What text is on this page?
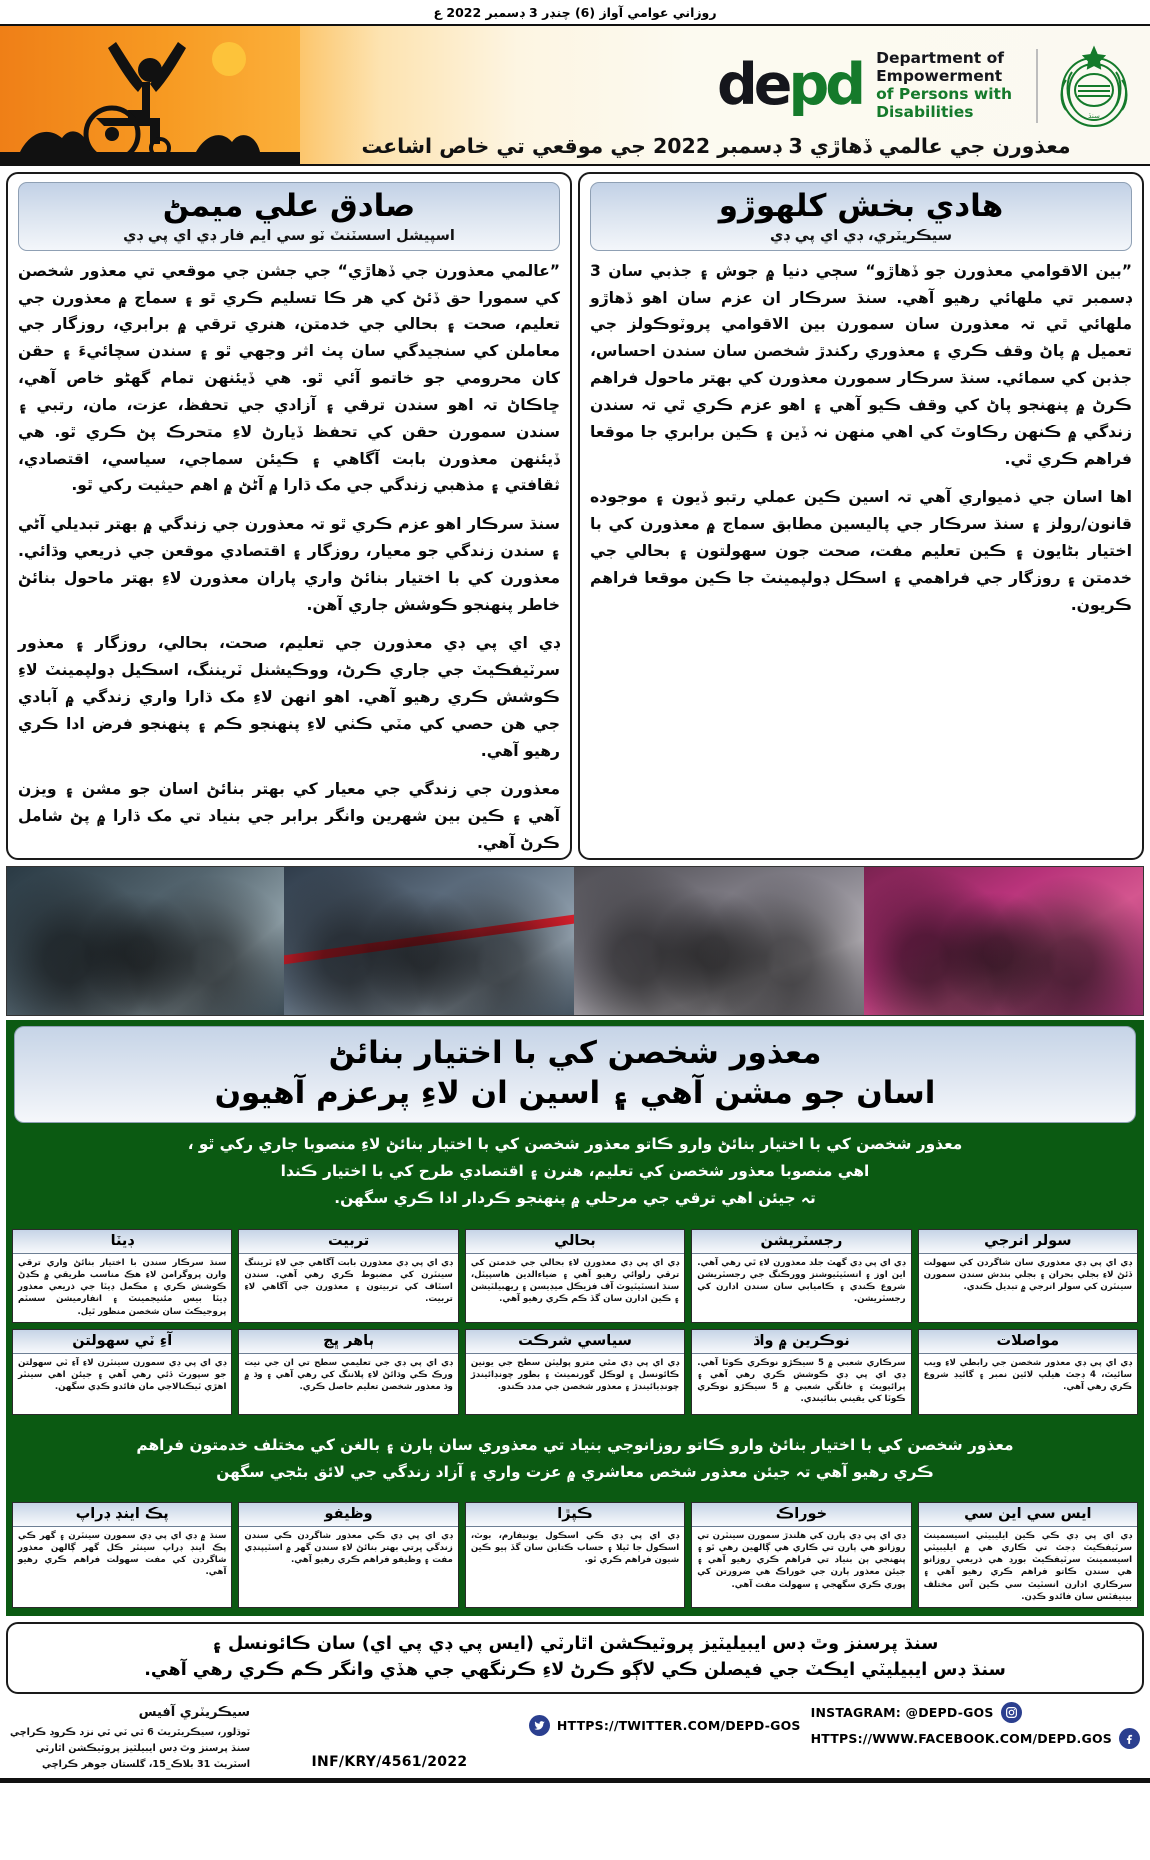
روزاني عوامي آواز (6) چنڊر 3 ڊسمبر 2022 ع
depd Department of
Empowerment
of Persons with
Disabilities	سنڌ
معذورن جي عالمي ڏهاڙي 3 ڊسمبر 2022 جي موقعي تي خاص اشاعت
صادق علي ميمڻ
اسپيشل اسسٽنٽ ٽو سي ايم فار ڊي اي پي ڊي

”عالمي معذورن جي ڏهاڙي“ جي جشن جي موقعي تي معذور شخصن کي سمورا حق ڏئڻ کي هر ڪا تسليم ڪري ٿو ۽ سماج ۾ معذورن جي تعليم، صحت ۽ بحالي جي خدمتن، هنري ترقي ۾ برابري، روزگار جي معاملن کي سنجيدگي سان پٺ اثر وجهي ٿو ۽ سندن سچائيءَ ۽ حقن کان محرومي جو خاتمو آئي ٿو. هي ڏيئنهن تمام گهڻو خاص آهي، ڇاڪاڻ تہ اهو سندن ترقي ۽ آزادي جي تحفظ، عزت، مان، رتبي ۽ سندن سمورن حقن کي تحفظ ڏيارڻ لاءِ متحرڪ پڻ ڪري ٿو. هي ڏيئنهن معذورن بابت آگاهي ۽ ڪيئن سماجي، سياسي، اقتصادي، ثقافتي ۽ مذهبي زندگي جي مک ڌارا ۾ آڻڻ ۾ اهم حيثيت رکي ٿو.

سنڌ سرڪار اهو عزم ڪري ٿو تہ معذورن جي زندگي ۾ بهتر تبديلي آڻي ۽ سندن زندگي جو معيار، روزگار ۽ اقتصادي موقعن جي ذريعي وڌائي. معذورن کي با اختيار بنائڻ واري پاران معذورن لاءِ بهتر ماحول بنائڻ خاطر پنهنجو ڪوشش جاري آهن.

ڊي اي پي ڊي معذورن جي تعليم، صحت، بحالي، روزگار ۽ معذور سرٽيفڪيٽ جي جاري ڪرڻ، ووڪيشنل ٽريننگ، اسڪيل ڊولپمينٽ لاءِ ڪوشش ڪري رهيو آهي. اهو انهن لاءِ مک ڌارا واري زندگي ۾ آبادي جي هن حصي کي مٽي ڪٺي لاءِ پنهنجو ڪم ۽ پنهنجو فرض ادا ڪري رهيو آهي.

معذورن جي زندگي جي معيار کي بهتر بنائڻ اسان جو مشن ۽ ويزن آهي ۽ ڪين بين شهرين وانگر برابر جي بنياد تي مک ڌارا ۾ پڻ شامل ڪرڻ آهي.

هادي بخش کلهوڙو
سيڪريٽري، ڊي اي پي ڊي

”بين الاقوامي معذورن جو ڏهاڙو“ سڄي دنيا ۾ جوش ۽ جذبي سان 3 ڊسمبر تي ملهائي رهيو آهي. سنڌ سرڪار ان عزم سان اهو ڏهاڙو ملهائي ٿي تہ معذورن سان سمورن بين الاقوامي پروٽوڪولز جي تعميل ۾ پاڻ وقف ڪري ۽ معذوري رکندڙ شخصن سان سندن احساس، جذبن کي سمائي. سنڌ سرڪار سمورن معذورن کي بهتر ماحول فراهم ڪرڻ ۾ پنهنجو پاڻ کي وقف ڪيو آهي ۽ اهو عزم ڪري ٿي تہ سندن زندگي ۾ ڪنهن رڪاوٽ کي اهي منهن نہ ڏين ۽ ڪين برابري جا موقعا فراهم ڪري ٿي.

اها اسان جي ذميواري آهي تہ اسين ڪين عملي رتبو ڏيون ۽ موجوده قانون/رولز ۽ سنڌ سرڪار جي پاليسين مطابق سماج ۾ معذورن کي با اختيار بڻايون ۽ ڪين تعليم مفت، صحت جون سهولتون ۽ بحالي جي خدمتن ۽ روزگار جي فراهمي ۽ اسڪل ڊولپمينٽ جا ڪين موقعا فراهم ڪريون.

معذور شخصن کي با اختيار بنائڻ
اسان جو مشن آهي ۽ اسين ان لاءِ پرعزم آهيون
معذور شخصن کي با اختيار بنائڻ وارو ڪاتو معذور شخصن کي با اختيار بنائڻ لاءِ منصوبا جاري رکي ٿو ،
اهي منصوبا معذور شخصن کي تعليم، هنرن ۽ اقتصادي طرح کي با اختيار ڪندا
تہ جيئن اهي ترقي جي مرحلي ۾ پنهنجو ڪردار ادا ڪري سگهن.
ڊيٽا
سنڌ سرڪار سندن با اختيار بنائڻ واري ترقي وارن پروگرامن لاءِ هڪ مناسب طريقي ۾ ڪڍڻ ڪوشش ڪري ۽ مڪمل ڊيٽا جي ذريعي معذور ڊيٽا بيس مئنيجمينٽ ۽ انفارميشن سسٽم پروجيڪٽ سان شخصن منظور ٿيل.
تربيت
ڊي اي پي ڊي معذورن بابت آگاهي جي لاءِ ٽريننگ سينٽرن کي مضبوط ڪري رهي آهي. سندن اسٽاف کي تربيتون ۽ معذورن جي آگاهي لاءِ تربيت.
بحالي
ڊي اي پي ڊي معذورن لاءِ بحالي جي خدمتن کي ترقي رلوائي رهيو آهي ۽ ضياءالدين هاسپيٽل، سنڌ انسٽيٽيوٽ آف فزيڪل ميڊيسن ۽ ريهبيلٽيشن ۽ ڪين ادارن سان گڏ ڪم ڪري رهيو آهي.
رجسٽريشن
ڊي اي پي ڊي گهٽ جلد معذورن لاءِ ٿي رهي آهي. اين اوز ۽ انسٽيٽيوشنز وورڪنگ جي رجسٽريشن شروع ڪندي ۽ ڪاميابي سان سندن ادارن کي رجسٽريشن.
سولر انرجي
ڊي اي پي ڊي معذوري سان شاگردن کي سهولت ڏئڻ لاءِ بجلي بحران ۽ بجلي بندش سندن سمورن سينٽرن کي سولر انرجي ۾ تبديل ڪندي.
آءِ ٽي سهولتن
ڊي اي پي ڊي سمورن سينٽرن لاءِ آءِ ٽي سهولتن جو سپورٽ ڏئي رهي آهي ۽ جيئن اهي سينٽر اهڙي ٽيڪنالاجي مان فائدو ڪڍي سگهن.
ٻاهر ڀڃ
ڊي اي پي ڊي جي تعليمي سطح تي ان جي نيت ورڪ ڪي وڌائڻ لاءِ پلاننگ کي رهي آهي ۽ وڌ ۾ وڌ معذور شخصن تعليم حاصل ڪري.
سياسي شرڪت
ڊي اي پي ڊي مٿي مترو پوليٽن سطح جي يونين ڪائونسل ۽ لوڪل گورنمينٽ ۽ بطور چونڊائيندڙ چونڊيائيندڙ ۽ معذور شخصن جي مدد ڪندو.
نوڪرين ۾ واڌ
سرڪاري شعبي ۾ 5 سيڪڙو نوڪري ڪوٽا آهي. ڊي اي پي ڊي ڪوشش ڪري رهي آهي ۽ پرائيويٽ ۽ خانگي شعبي ۾ 5 سيڪڙو نوڪري ڪوٽا کي يقيني بنائيندي.
مواصلات
ڊي اي پي ڊي معذور شخصن جي رابطي لاءِ ويب سائيٽ، 4 ڊجٽ هيلپ لائين نمبر ۽ گائيڊ شروع ڪري رهي آهي.
معذور شخصن کي با اختيار بنائڻ وارو ڪاتو روزانوجي بنياد تي معذوري سان ٻارن ۽ بالغن کي مختلف خدمتون فراهم
ڪري رهيو آهي تہ جيئن معذور شخص معاشري ۾ عزت واري ۽ آزاد زندگي جي لائق بڻجي سگهن
پڪ اينڊ ڊراپ
سنڌ ۾ ڊي اي پي ڊي سمورن سينٽرن ۽ گهر ڪي پڪ اينڊ ڊراپ سينٽر ڪل گهر ڳالهن معذور شاگردن کي مفت سهولت فراهم ڪري رهيو آهي.
وظيفو
ڊي اي پي ڊي ڪي معذور شاگردن ڪي سندن زندگي ڀرتي بهتر بنائڻ لاءِ سندن گهر ۾ اسٽيپنڊي مفت ۽ وظيفو فراهم ڪري رهيو آهي.
ڪپڙا
ڊي اي پي ڊي ڪي اسڪول يونيفارم، بوٽ، اسڪول جا ٿيلا ۽ حساب ڪتابن سان گڏ ٻيو ڪين شيون فراهم ڪري ٿو.
خوراڪ
ڊي اي پي ڊي ٻارن کي هلندڙ سمورن سينٽرن تي روزانو هي ٻارن تي ڪاري هي ڳالهين رهي ٿو ۽ پنهنجي ٻن بنياد تي فراهم ڪري رهيو آهي ۽ جيئن معذور ٻارن جي خوراڪ هي ضرورتن کي پوري ڪري سگهجي ۽ سهولت مفت آهي.
ايس سي اين سي
ڊي اي پي ڊي ڪي ڪين ايليبيٽي اسيسمينٽ سرٽيفڪيٽ ڊجٽ تي ڪاري هي ۾ ايليبيٽي اسيسمينٽ سرٽيفڪيٽ بورڊ هي ذريعي روزانو هي سندن ڪاتو فراهم ڪري رهيو آهي ۽ سرڪاري ادارن انسٽيٽ سي ڪين آس مختلف بينيفٽس سان فائدو ڪڍن.
سنڌ پرسنز وٿ ڊس ايبيليٽيز پروٽيڪشن اٿارٽي (ايس پي ڊي پي اي) سان ڪائونسل ۽
سنڌ ڊس ايبيليٽي ايڪٽ جي فيصلن ڪي لاڳو ڪرڻ لاءِ ڪرنگهي جي هڏي وانگر ڪم ڪري رهي آهي.
سيڪريٽري آفيس
ٽوڌلور، سيڪريٽريٽ 6 ٽي ٽي ٽي نزد ڪروڊ ڪراچي
سنڌ پرسنز وٿ ڊس ايبيلٽيز پروٽيڪشن اٿارٽي
اسٽريٽ 31 بلاڪ_15، گلستان جوهر ڪراچي	INF/KRY/4561/2022
INSTAGRAM: @DEPD-GOS
HTTPS://WWW.FACEBOOK.COM/DEPD.GOS
HTTPS://TWITTER.COM/DEPD-GOS
